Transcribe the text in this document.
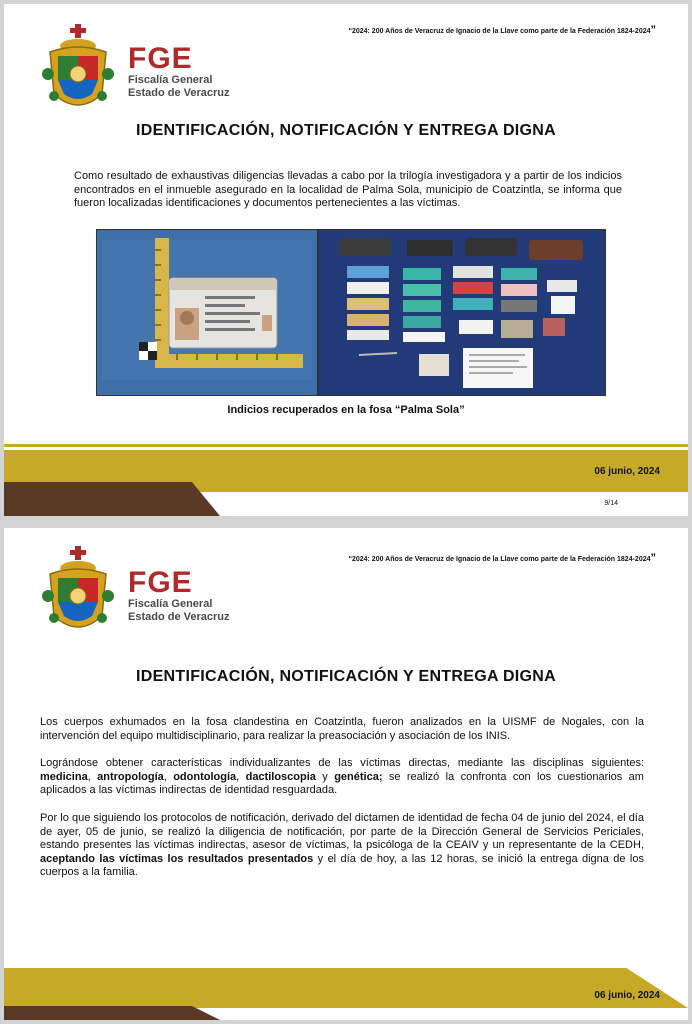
“2024: 200 Años de Veracruz de Ignacio de la Llave como parte de la Federación 1824-2024”
FGE
Fiscalía General
Estado de Veracruz
IDENTIFICACIÓN, NOTIFICACIÓN Y ENTREGA DIGNA
Como resultado de exhaustivas diligencias llevadas a cabo por la trilogía investigadora y a partir de los indicios encontrados en el inmueble asegurado en la localidad de Palma Sola, municipio de Coatzintla, se informa que fueron localizadas identificaciones y documentos pertenecientes a las víctimas.
Indicios recuperados en la fosa “Palma Sola”
06 junio, 2024
9/14
“2024: 200 Años de Veracruz de Ignacio de la Llave como parte de la Federación 1824-2024”
FGE
Fiscalía General
Estado de Veracruz
IDENTIFICACIÓN, NOTIFICACIÓN Y ENTREGA DIGNA
Los cuerpos exhumados en la fosa clandestina en Coatzintla, fueron analizados en la UISMF de Nogales, con la intervención del equipo multidisciplinario, para realizar la preasociación y asociación de los INIS.
Lográndose obtener características individualizantes de las víctimas directas, mediante las disciplinas siguientes: medicina, antropología, odontología, dactiloscopia y genética; se realizó la confronta con los cuestionarios am aplicados a las víctimas indirectas de identidad resguardada.
Por lo que siguiendo los protocolos de notificación, derivado del dictamen de identidad de fecha 04 de junio del 2024, el día de ayer, 05 de junio, se realizó la diligencia de notificación, por parte de la Dirección General de Servicios Periciales, estando presentes las víctimas indirectas, asesor de víctimas, la psicóloga de la CEAIV y un representante de la CEDH, aceptando las víctimas los resultados presentados y el día de hoy, a las 12 horas, se inició la entrega digna de los cuerpos a la familia.
06 junio, 2024
